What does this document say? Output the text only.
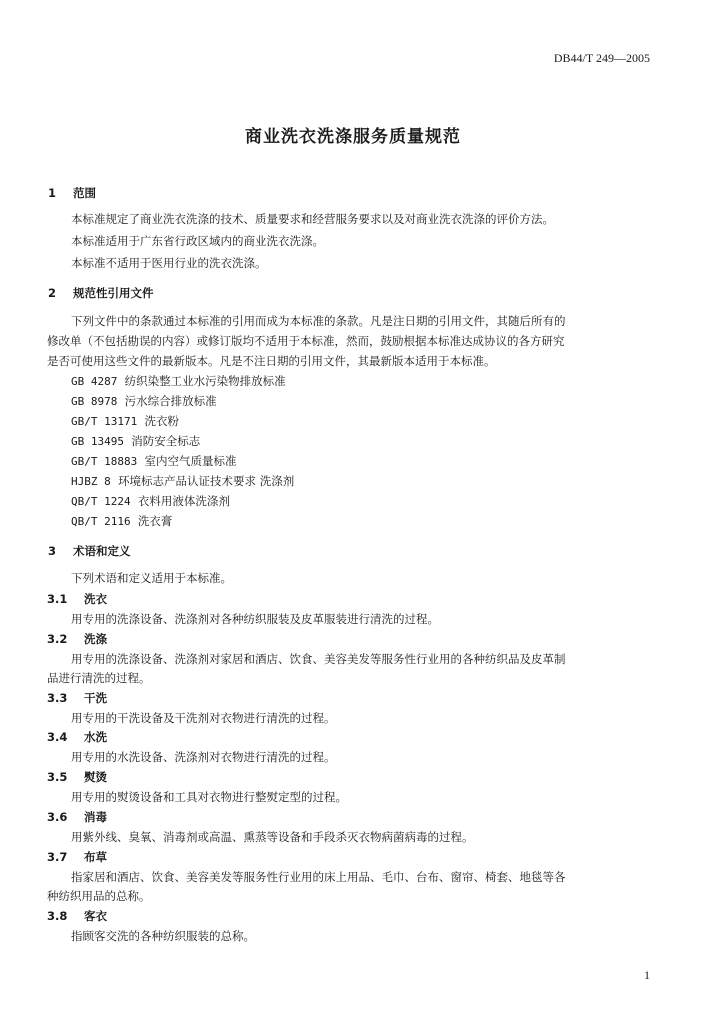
DB44/T 249—2005
商业洗衣洗涤服务质量规范
1 范围
本标准规定了商业洗衣洗涤的技术、质量要求和经营服务要求以及对商业洗衣洗涤的评价方法。
本标准适用于广东省行政区域内的商业洗衣洗涤。
本标准不适用于医用行业的洗衣洗涤。
2 规范性引用文件
下列文件中的条款通过本标准的引用而成为本标准的条款。凡是注日期的引用文件，其随后所有的
修改单（不包括勘误的内容）或修订版均不适用于本标准，然而，鼓励根据本标准达成协议的各方研究
是否可使用这些文件的最新版本。凡是不注日期的引用文件，其最新版本适用于本标准。
GB 4287 纺织染整工业水污染物排放标准
GB 8978 污水综合排放标准
GB/T 13171 洗衣粉
GB 13495 消防安全标志
GB/T 18883 室内空气质量标准
HJBZ 8 环境标志产品认证技术要求 洗涤剂
QB/T 1224 衣料用液体洗涤剂
QB/T 2116 洗衣膏
3 术语和定义
下列术语和定义适用于本标准。
3.1 洗衣
用专用的洗涤设备、洗涤剂对各种纺织服装及皮革服装进行清洗的过程。
3.2 洗涤
用专用的洗涤设备、洗涤剂对家居和酒店、饮食、美容美发等服务性行业用的各种纺织品及皮革制
品进行清洗的过程。
3.3 干洗
用专用的干洗设备及干洗剂对衣物进行清洗的过程。
3.4 水洗
用专用的水洗设备、洗涤剂对衣物进行清洗的过程。
3.5 熨烫
用专用的熨烫设备和工具对衣物进行整熨定型的过程。
3.6 消毒
用紫外线、臭氧、消毒剂或高温、熏蒸等设备和手段杀灭衣物病菌病毒的过程。
3.7 布草
指家居和酒店、饮食、美容美发等服务性行业用的床上用品、毛巾、台布、窗帘、椅套、地毯等各
种纺织用品的总称。
3.8 客衣
指顾客交洗的各种纺织服装的总称。
1
